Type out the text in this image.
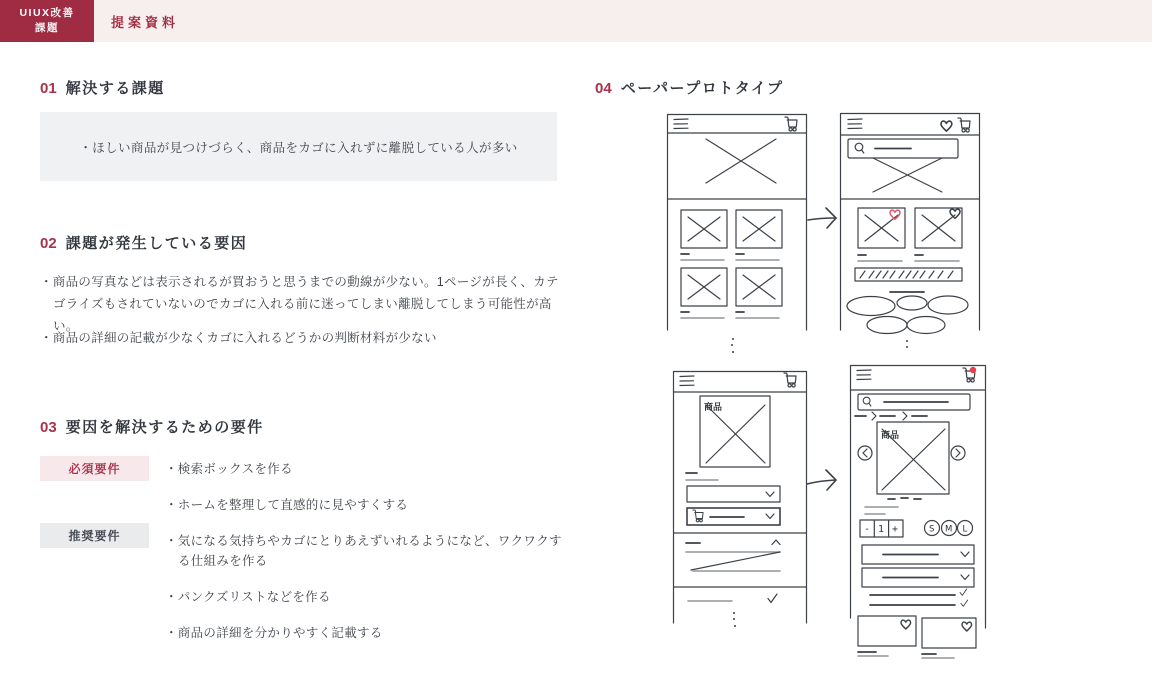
UIUX改善
課題	提案資料
01 解決する課題
・ほしい商品が見つけづらく、商品をカゴに入れずに離脱している人が多い
02 課題が発生している要因
・商品の写真などは表示されるが買おうと思うまでの動線が少ない。1ページが長く、カテゴライズもされていないのでカゴに入れる前に迷ってしまい離脱してしまう可能性が高い。
・商品の詳細の記載が少なくカゴに入れるどうかの判断材料が少ない
03 要因を解決するための要件
必須要件
推奨要件
・検索ボックスを作る
・ホームを整理して直感的に見やすくする
・気になる気持ちやカゴにとりあえずいれるようになど、ワクワクする仕組みを作る
・パンクズリストなどを作る
・商品の詳細を分かりやすく記載する
04 ペーパープロトタイプ
商品
商品
- 1 +	S M L
